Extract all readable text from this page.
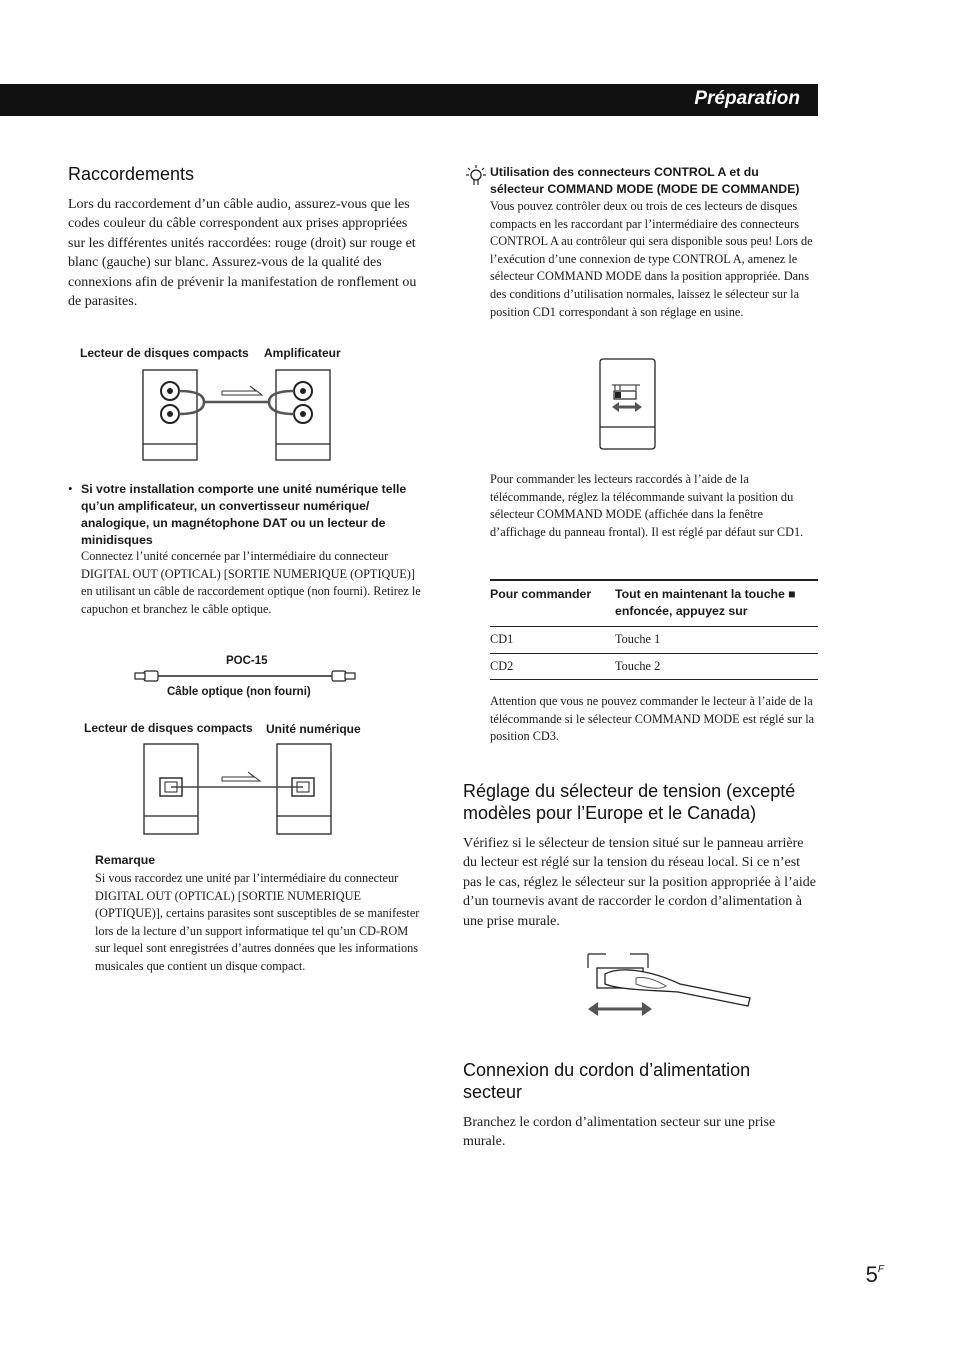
Préparation
Raccordements
Lors du raccordement d’un câble audio, assurez-vous que les codes couleur du câble correspondent aux prises appropriées sur les différentes unités raccordées: rouge (droit) sur rouge et blanc (gauche) sur blanc. Assurez-vous de la qualité des connexions afin de prévenir la manifestation de ronflement ou de parasites.
Lecteur de disques compacts Amplificateur
• Si votre installation comporte une unité numérique telle qu’un amplificateur, un convertisseur numérique/ analogique, un magnétophone DAT ou un lecteur de minidisques
Connectez l’unité concernée par l’intermédiaire du connecteur DIGITAL OUT (OPTICAL) [SORTIE NUMERIQUE (OPTIQUE)] en utilisant un câble de raccordement optique (non fourni). Retirez le capuchon et branchez le câble optique.
POC-15
Câble optique (non fourni)
Lecteur de disques compacts Unité numérique
Remarque
Si vous raccordez une unité par l’intermédiaire du connecteur DIGITAL OUT (OPTICAL) [SORTIE NUMERIQUE (OPTIQUE)], certains parasites sont susceptibles de se manifester lors de la lecture d’un support informatique tel qu’un CD-ROM sur lequel sont enregistrées d’autres données que les informations musicales que contient un disque compact.
Utilisation des connecteurs CONTROL A et du sélecteur COMMAND MODE (MODE DE COMMANDE)
Vous pouvez contrôler deux ou trois de ces lecteurs de disques compacts en les raccordant par l’intermédiaire des connecteurs CONTROL A au contrôleur qui sera disponible sous peu! Lors de l’exécution d’une connexion de type CONTROL A, amenez le sélecteur COMMAND MODE dans la position appropriée. Dans des conditions d’utilisation normales, laissez le sélecteur sur la position CD1 correspondant à son réglage en usine.
Pour commander les lecteurs raccordés à l’aide de la télécommande, réglez la télécommande suivant la position du sélecteur COMMAND MODE (affichée dans la fenêtre d’affichage du panneau frontal). Il est réglé par défaut sur CD1.
Pour commander	Tout en maintenant la touche ■ enfoncée, appuyez sur
CD1	Touche 1
CD2	Touche 2
Attention que vous ne pouvez commander le lecteur à l’aide de la télécommande si le sélecteur COMMAND MODE est réglé sur la position CD3.
Réglage du sélecteur de tension (excepté modèles pour l’Europe et le Canada)
Vérifiez si le sélecteur de tension situé sur le panneau arrière du lecteur est réglé sur la tension du réseau local. Si ce n’est pas le cas, réglez le sélecteur sur la position appropriée à l’aide d’un tournevis avant de raccorder le cordon d’alimentation à une prise murale.
Connexion du cordon d’alimentation secteur
Branchez le cordon d’alimentation secteur sur une prise murale.
$5^F$
